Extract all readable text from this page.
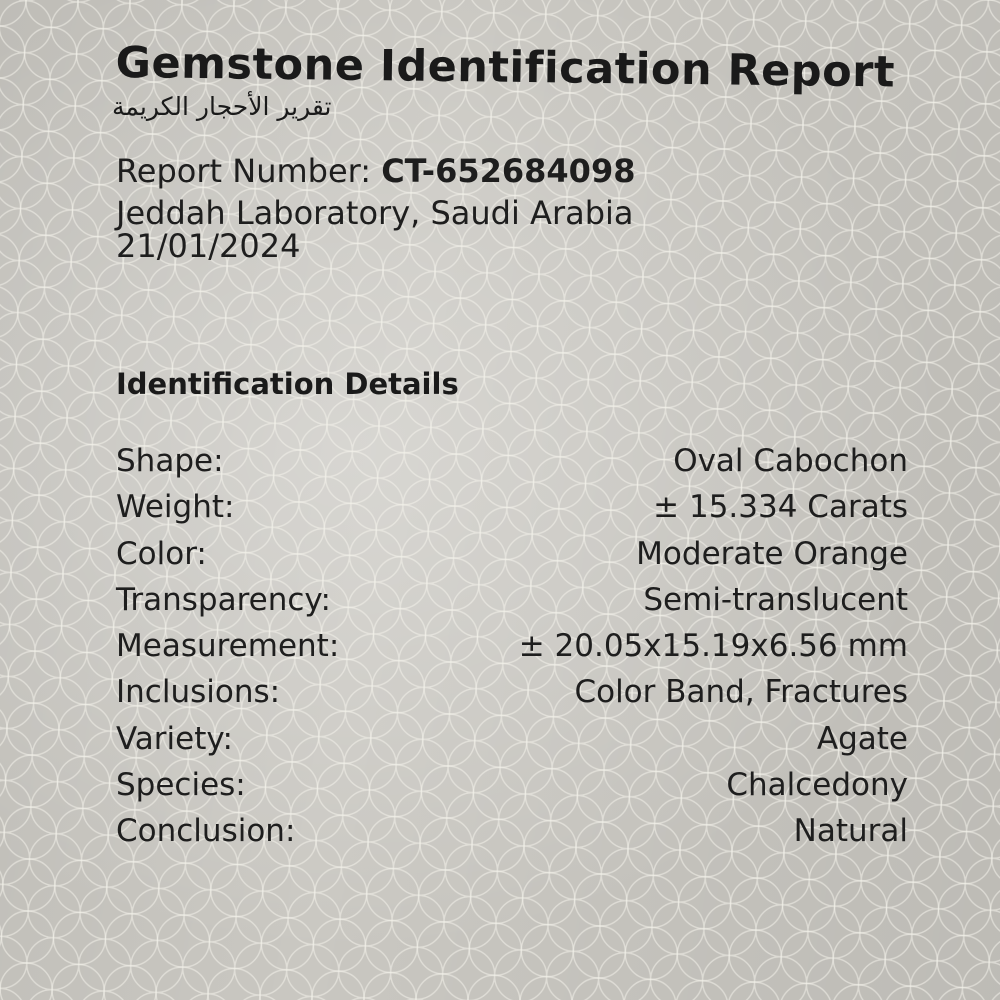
Gemstone Identification Report
تقرير الأحجار الكريمة
Report Number: CT-652684098
Jeddah Laboratory, Saudi Arabia
21/01/2024
Identification Details
Shape:	Oval Cabochon
Weight:	± 15.334 Carats
Color:	Moderate Orange
Transparency:	Semi-translucent
Measurement:	± 20.05x15.19x6.56 mm
Inclusions:	Color Band, Fractures
Variety:	Agate
Species:	Chalcedony
Conclusion:	Natural
